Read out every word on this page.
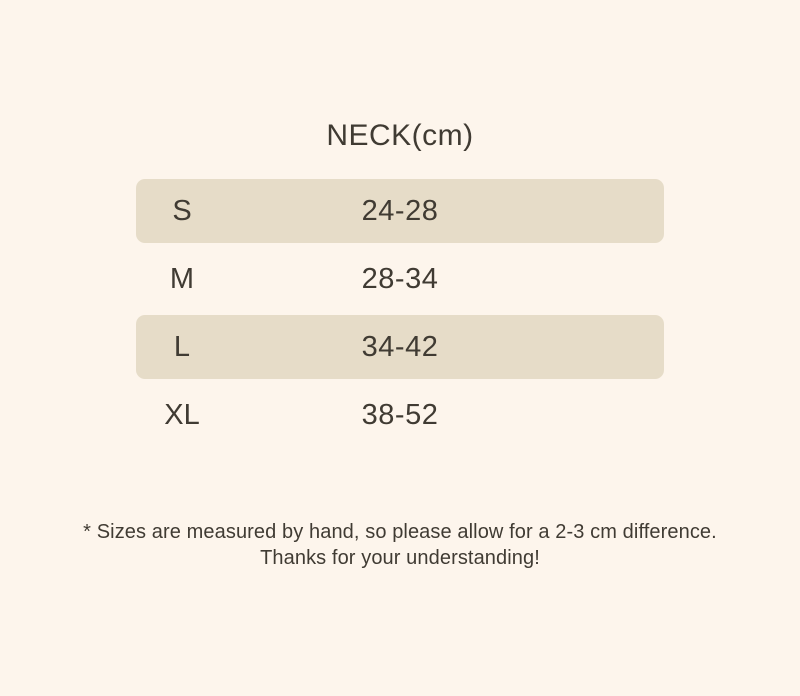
NECK(cm)
S	24-28
M	28-34
L	34-42
XL	38-52
* Sizes are measured by hand, so please allow for a 2-3 cm difference.
Thanks for your understanding!
